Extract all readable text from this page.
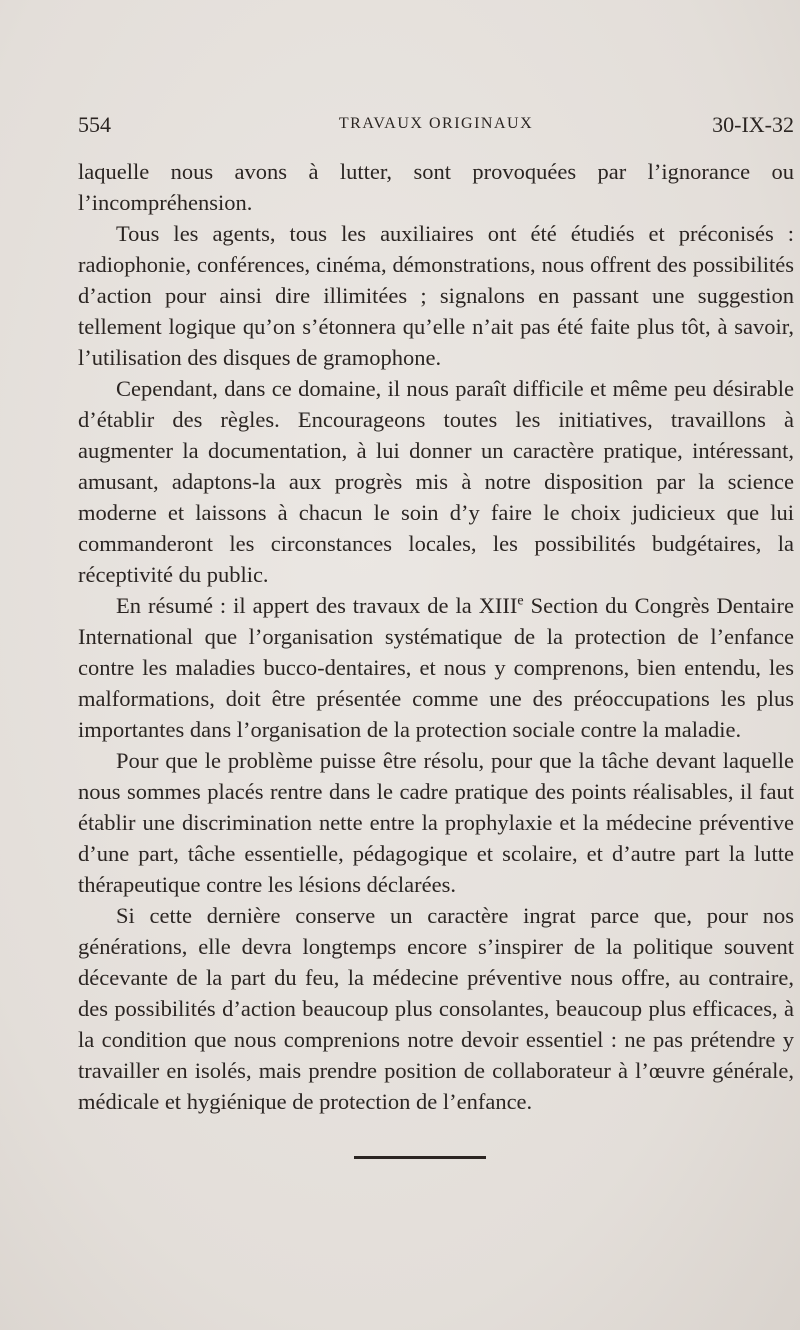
554	TRAVAUX ORIGINAUX	30-IX-32

laquelle nous avons à lutter, sont provoquées par l’ignorance ou l’incompréhension.

Tous les agents, tous les auxiliaires ont été étudiés et préconisés : radiophonie, conférences, cinéma, démonstrations, nous offrent des possibilités d’action pour ainsi dire illimitées ; signalons en passant une suggestion tellement logique qu’on s’étonnera qu’elle n’ait pas été faite plus tôt, à savoir, l’utilisation des disques de gramophone.

Cependant, dans ce domaine, il nous paraît difficile et même peu désirable d’établir des règles. Encourageons toutes les initiatives, travaillons à augmenter la documentation, à lui donner un caractère pratique, intéressant, amusant, adaptons-la aux progrès mis à notre disposition par la science moderne et laissons à chacun le soin d’y faire le choix judicieux que lui commanderont les circonstances locales, les possibilités budgétaires, la réceptivité du public.

En résumé : il appert des travaux de la XIIIe Section du Congrès Dentaire International que l’organisation systématique de la protection de l’enfance contre les maladies bucco-dentaires, et nous y comprenons, bien entendu, les malformations, doit être présentée comme une des préoccupations les plus importantes dans l’organisation de la protection sociale contre la maladie.

Pour que le problème puisse être résolu, pour que la tâche devant laquelle nous sommes placés rentre dans le cadre pratique des points réalisables, il faut établir une discrimination nette entre la prophylaxie et la médecine préventive d’une part, tâche essentielle, pédagogique et scolaire, et d’autre part la lutte thérapeutique contre les lésions déclarées.

Si cette dernière conserve un caractère ingrat parce que, pour nos générations, elle devra longtemps encore s’inspirer de la politique souvent décevante de la part du feu, la médecine préventive nous offre, au contraire, des possibilités d’action beaucoup plus consolantes, beaucoup plus efficaces, à la condition que nous comprenions notre devoir essentiel : ne pas prétendre y travailler en isolés, mais prendre position de collaborateur à l’œuvre générale, médicale et hygiénique de protection de l’enfance.
